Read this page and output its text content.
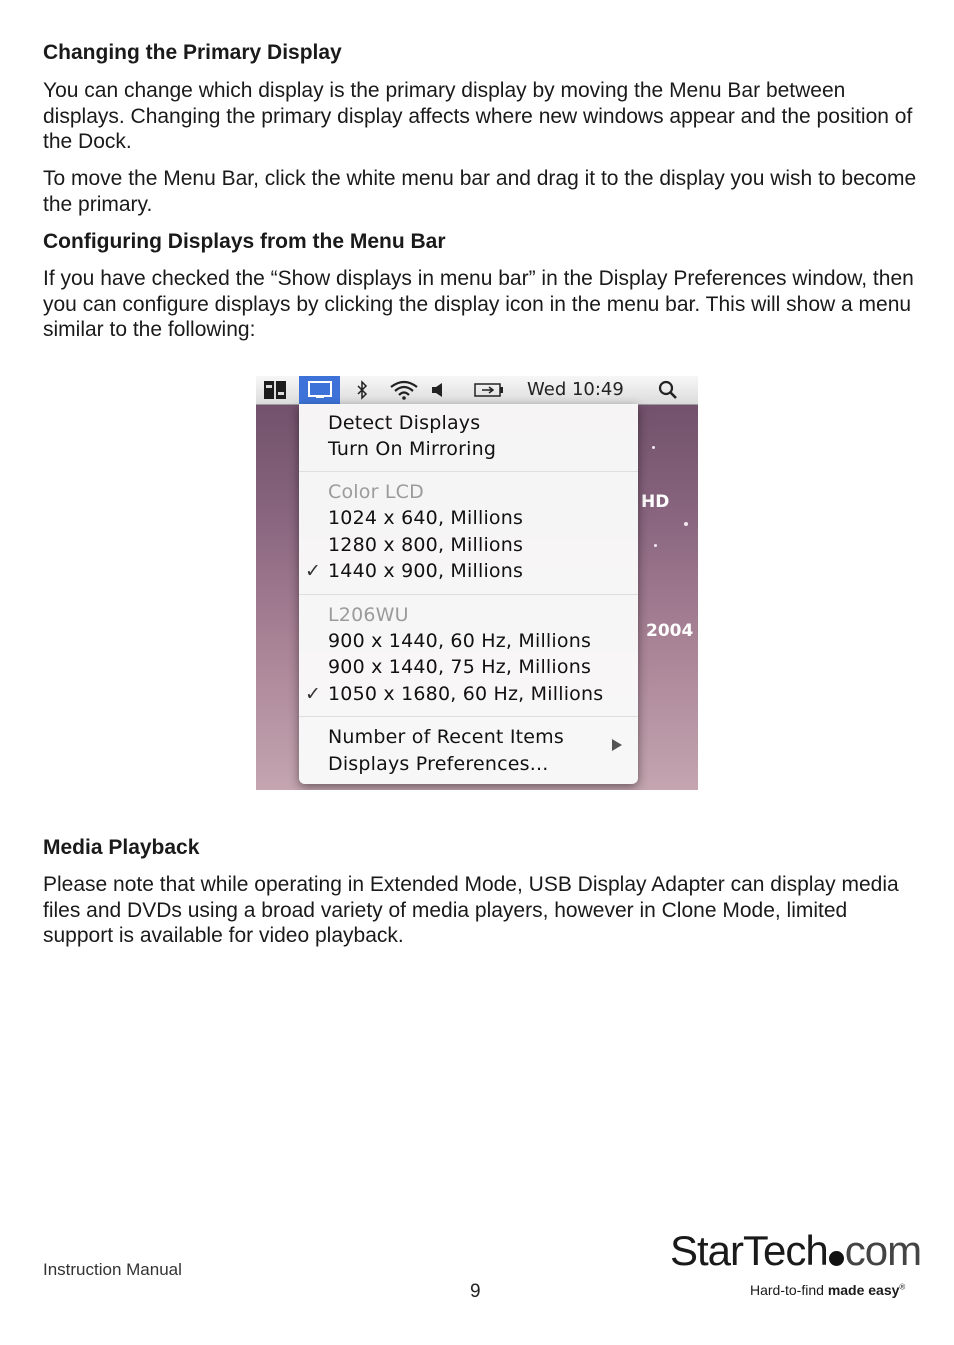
Changing the Primary Display

You can change which display is the primary display by moving the Menu Bar between displays. Changing the primary display affects where new windows appear and the position of the Dock.

To move the Menu Bar, click the white menu bar and drag it to the display you wish to become the primary.

Configuring Displays from the Menu Bar

If you have checked the “Show displays in menu bar” in the Display Preferences window, then you can configure displays by clicking the display icon in the menu bar. This will show a menu similar to the following:

HD
2004
Wed 10:49
Detect Displays
Turn On Mirroring
Color LCD
1024 x 640, Millions
1280 x 800, Millions
✓ 1440 x 900, Millions
L206WU
900 x 1440, 60 Hz, Millions
900 x 1440, 75 Hz, Millions
✓ 1050 x 1680, 60 Hz, Millions
Number of Recent Items
Displays Preferences...
Media Playback

Please note that while operating in Extended Mode, USB Display Adapter can display media files and DVDs using a broad variety of media players, however in Clone Mode, limited support is available for video playback.

Instruction Manual
9
StarTech com
Hard-to-find made easy®
